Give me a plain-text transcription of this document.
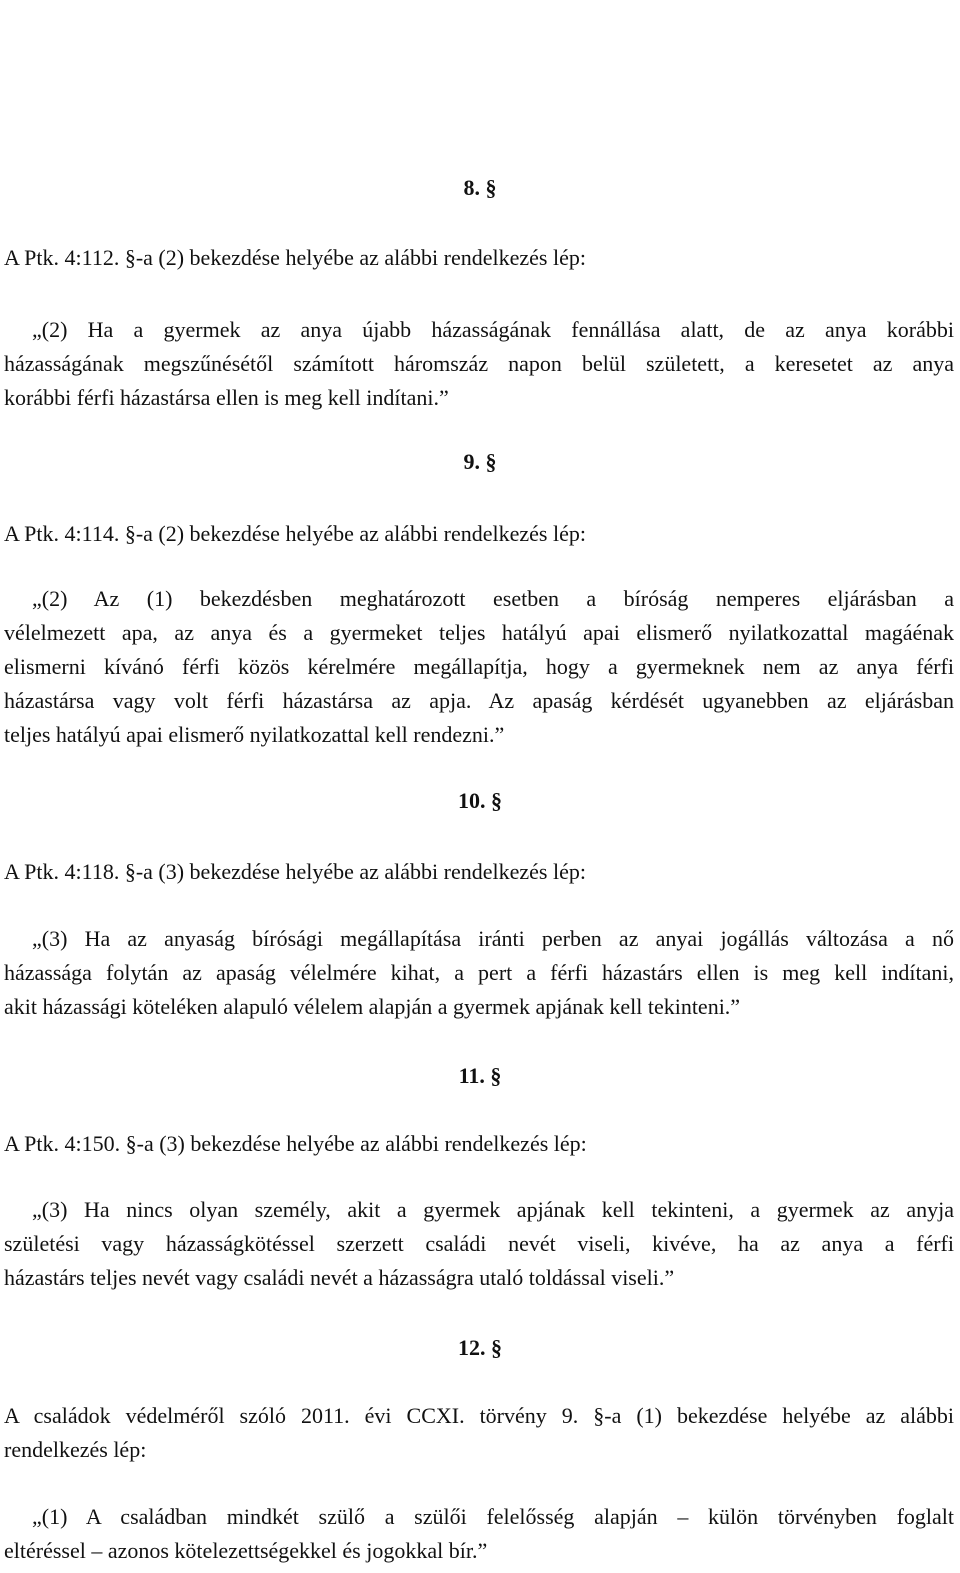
8. §

A Ptk. 4:112. §-a (2) bekezdése helyébe az alábbi rendelkezés lép:

„(2) Ha a gyermek az anya újabb házasságának fennállása alatt, de az anya korábbi
házasságának megszűnésétől számított háromszáz napon belül született, a keresetet az anya
korábbi férfi házastársa ellen is meg kell indítani.”
9. §

A Ptk. 4:114. §-a (2) bekezdése helyébe az alábbi rendelkezés lép:

„(2) Az (1) bekezdésben meghatározott esetben a bíróság nemperes eljárásban a
vélelmezett apa, az anya és a gyermeket teljes hatályú apai elismerő nyilatkozattal magáénak
elismerni kívánó férfi közös kérelmére megállapítja, hogy a gyermeknek nem az anya férfi
házastársa vagy volt férfi házastársa az apja. Az apaság kérdését ugyanebben az eljárásban
teljes hatályú apai elismerő nyilatkozattal kell rendezni.”
10. §

A Ptk. 4:118. §-a (3) bekezdése helyébe az alábbi rendelkezés lép:

„(3) Ha az anyaság bírósági megállapítása iránti perben az anyai jogállás változása a nő
házassága folytán az apaság vélelmére kihat, a pert a férfi házastárs ellen is meg kell indítani,
akit házassági köteléken alapuló vélelem alapján a gyermek apjának kell tekinteni.”
11. §

A Ptk. 4:150. §-a (3) bekezdése helyébe az alábbi rendelkezés lép:

„(3) Ha nincs olyan személy, akit a gyermek apjának kell tekinteni, a gyermek az anyja
születési vagy házasságkötéssel szerzett családi nevét viseli, kivéve, ha az anya a férfi
házastárs teljes nevét vagy családi nevét a házasságra utaló toldással viseli.”
12. §
A családok védelméről szóló 2011. évi CCXI. törvény 9. §-a (1) bekezdése helyébe az alábbi
rendelkezés lép:
„(1) A családban mindkét szülő a szülői felelősség alapján – külön törvényben foglalt
eltéréssel – azonos kötelezettségekkel és jogokkal bír.”
